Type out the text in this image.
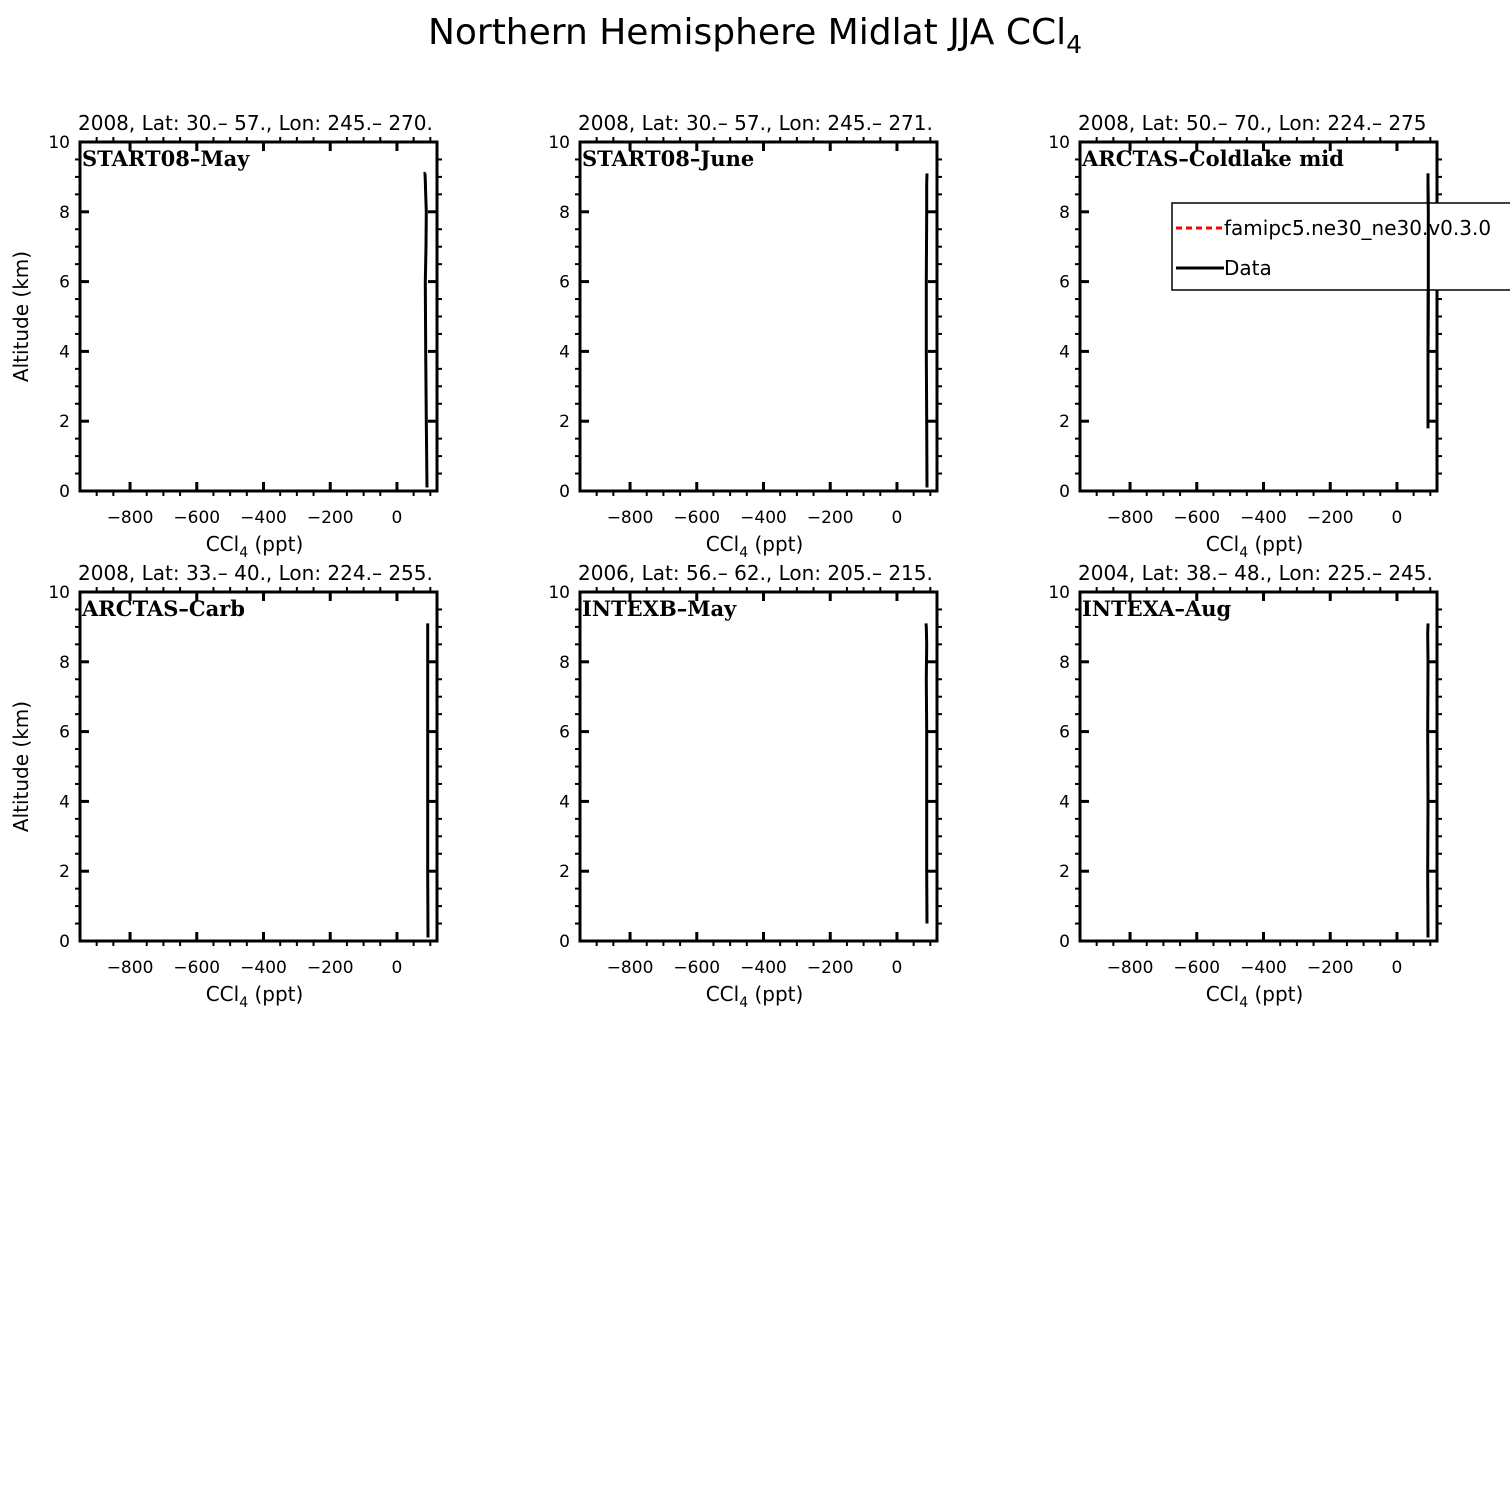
Northern Hemisphere Midlat JJA CCl$_4$
0
2
4
6
8
10
−800 −600 −400 −200 0
2008, Lat: 30.– 57., Lon: 245.– 270.
START08–May
CCl$_4$ (ppt)
Altitude (km)
0
2
4
6
8
10
−800 −600 −400 −200 0
2008, Lat: 30.– 57., Lon: 245.– 271.
START08–June
CCl$_4$ (ppt)
0
2
4
6
8
10
−800 −600 −400 −200 0
2008, Lat: 50.– 70., Lon: 224.– 275
ARCTAS–Coldlake mid
CCl$_4$ (ppt)
famipc5.ne30_ne30.v0.3.0
Data
0
2
4
6
8
10
−800 −600 −400 −200 0
2008, Lat: 33.– 40., Lon: 224.– 255.
ARCTAS–Carb
CCl$_4$ (ppt)
Altitude (km)
0
2
4
6
8
10
−800 −600 −400 −200 0
2006, Lat: 56.– 62., Lon: 205.– 215.
INTEXB–May
CCl$_4$ (ppt)
0
2
4
6
8
10
−800 −600 −400 −200 0
2004, Lat: 38.– 48., Lon: 225.– 245.
INTEXA–Aug
CCl$_4$ (ppt)
